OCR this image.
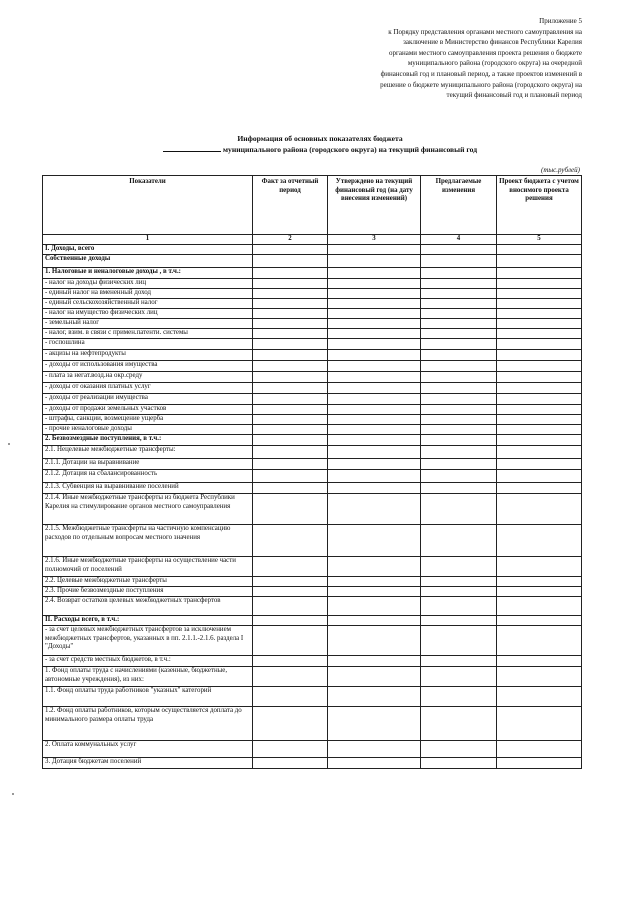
Приложение 5
к Порядку представления органами местного самоуправления на
заключение в Министерство финансов Республики Карелия
органами местного самоуправления проекта решения о бюджете
муниципального района (городского округа) на очередной
финансовый год и плановый период, а также проектов изменений в
решение о бюджете муниципального района (городского округа) на
текущий финансовый год и плановый период
Информация об основных показателях бюджета
муниципального района (городского округа) на текущий финансовый год
(тыс.рублей)
Показатели	Факт за отчетный период	Утверждено на текущий финансовый год (на дату внесения изменений)	Предлагаемые изменения	Проект бюджета с учетом вносимого проекта решения
1	2	3	4	5
I. Доходы, всего				
Собственные доходы				
1. Налоговые и неналоговые доходы , в т.ч.:				
- налог на доходы физических лиц				
- единый налог на вмененный доход				
- единый сельскохозяйственный налог				
- налог на имущество физических лиц				
- земельный налог				
- налог, взим. в связи с примен.патенти. системы				
- госпошлина				
- акцизы на нефтепродукты				
- доходы от использования имущества				
- плата за негат.возд.на окр.среду				
- доходы от оказания платных услуг				
- доходы от реализации имущества				
- доходы от продажи земельных участков				
- штрафы, санкции, возмещение ущерба				
- прочие неналоговые доходы				
2. Безвозмездные поступления, в т.ч.:				
2.1. Нецелевые межбюджетные трансферты:				
2.1.1. Дотации на выравнивание				
2.1.2. Дотация на сбалансированность				
2.1.3. Субвенция на выравнивание поселений				
2.1.4. Иные межбюджетные трансферты из бюджета Республики Карелия на стимулирование органов местного самоуправления				
2.1.5. Межбюджетные трансферты на частичную компенсацию расходов по отдельным вопросам местного значения				
2.1.6. Иные межбюджетные трансферты на осуществление части полномочий от поселений				
2.2. Целевые межбюджетные трансферты				
2.3. Прочие безвозмездные поступления				
2.4. Возврат остатков целевых межбюджетных трансфертов				
II. Расходы всего, в т.ч.:				
- за счет целевых межбюджетных трансфертов за исключением межбюджетных трансфертов, указанных в пп. 2.1.1.-2.1.6. раздела I "Доходы"				
- за счет средств местных бюджетов, в т.ч.:				
1. Фонд оплаты труда с начислениями (казенные, бюджетные, автономные учреждения), из них:				
1.1. Фонд оплаты труда работников "указных" категорий				
1.2. Фонд оплаты работников, которым осуществляется доплата до минимального размера оплаты труда				
2. Оплата коммунальных услуг				
3. Дотация бюджетам поселений				
